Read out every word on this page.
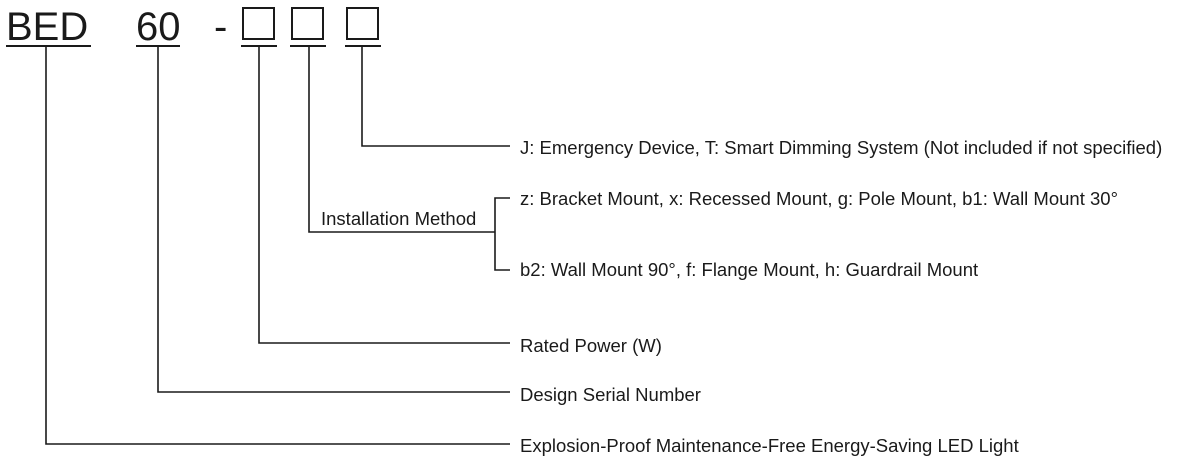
BED 60 -
J: Emergency Device, T: Smart Dimming System (Not included if not specified)
Installation Method
z: Bracket Mount, x: Recessed Mount, g: Pole Mount, b1: Wall Mount 30°
b2: Wall Mount 90°, f: Flange Mount, h: Guardrail Mount
Rated Power (W)
Design Serial Number
Explosion-Proof Maintenance-Free Energy-Saving LED Light
